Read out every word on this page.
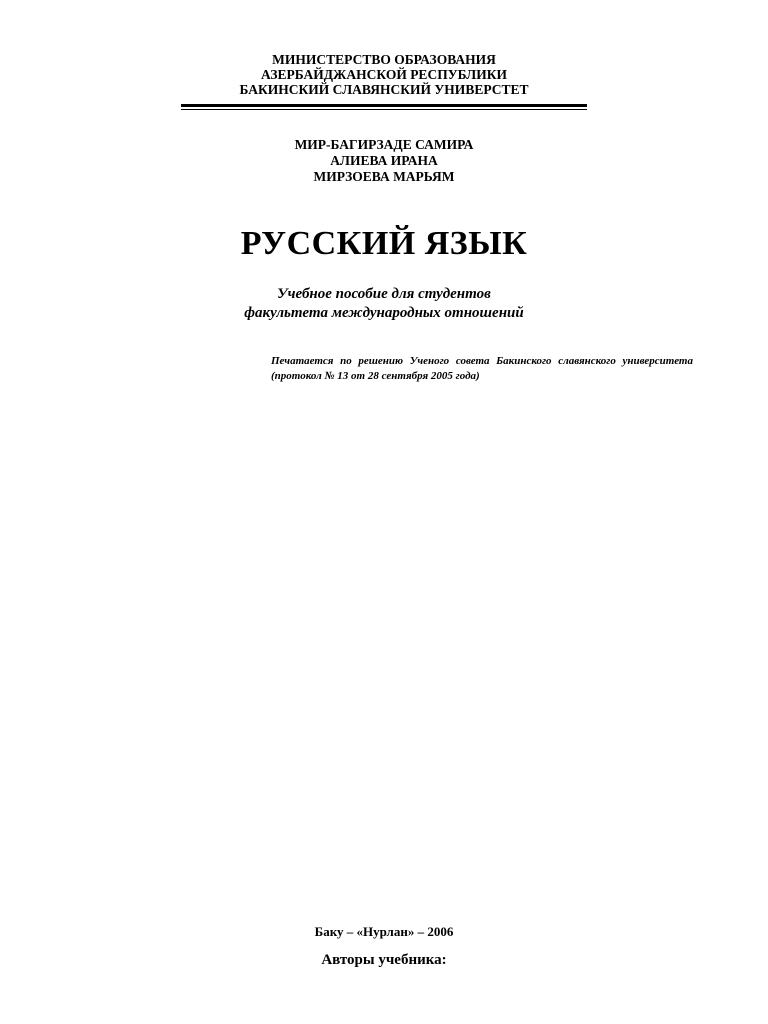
МИНИСТЕРСТВО ОБРАЗОВАНИЯ
АЗЕРБАЙДЖАНСКОЙ РЕСПУБЛИКИ
БАКИНСКИЙ СЛАВЯНСКИЙ УНИВЕРСТЕТ
МИР-БАГИРЗАДЕ САМИРА
АЛИЕВА ИРАНА
МИРЗОЕВА МАРЬЯМ
РУССКИЙ ЯЗЫК
Учебное пособие для студентов
факультета международных отношений
Печатается по решению Ученого совета Бакинского славянского университета (протокол № 13 от 28 сентября 2005 года)
Баку – «Нурлан» – 2006
Авторы учебника:
